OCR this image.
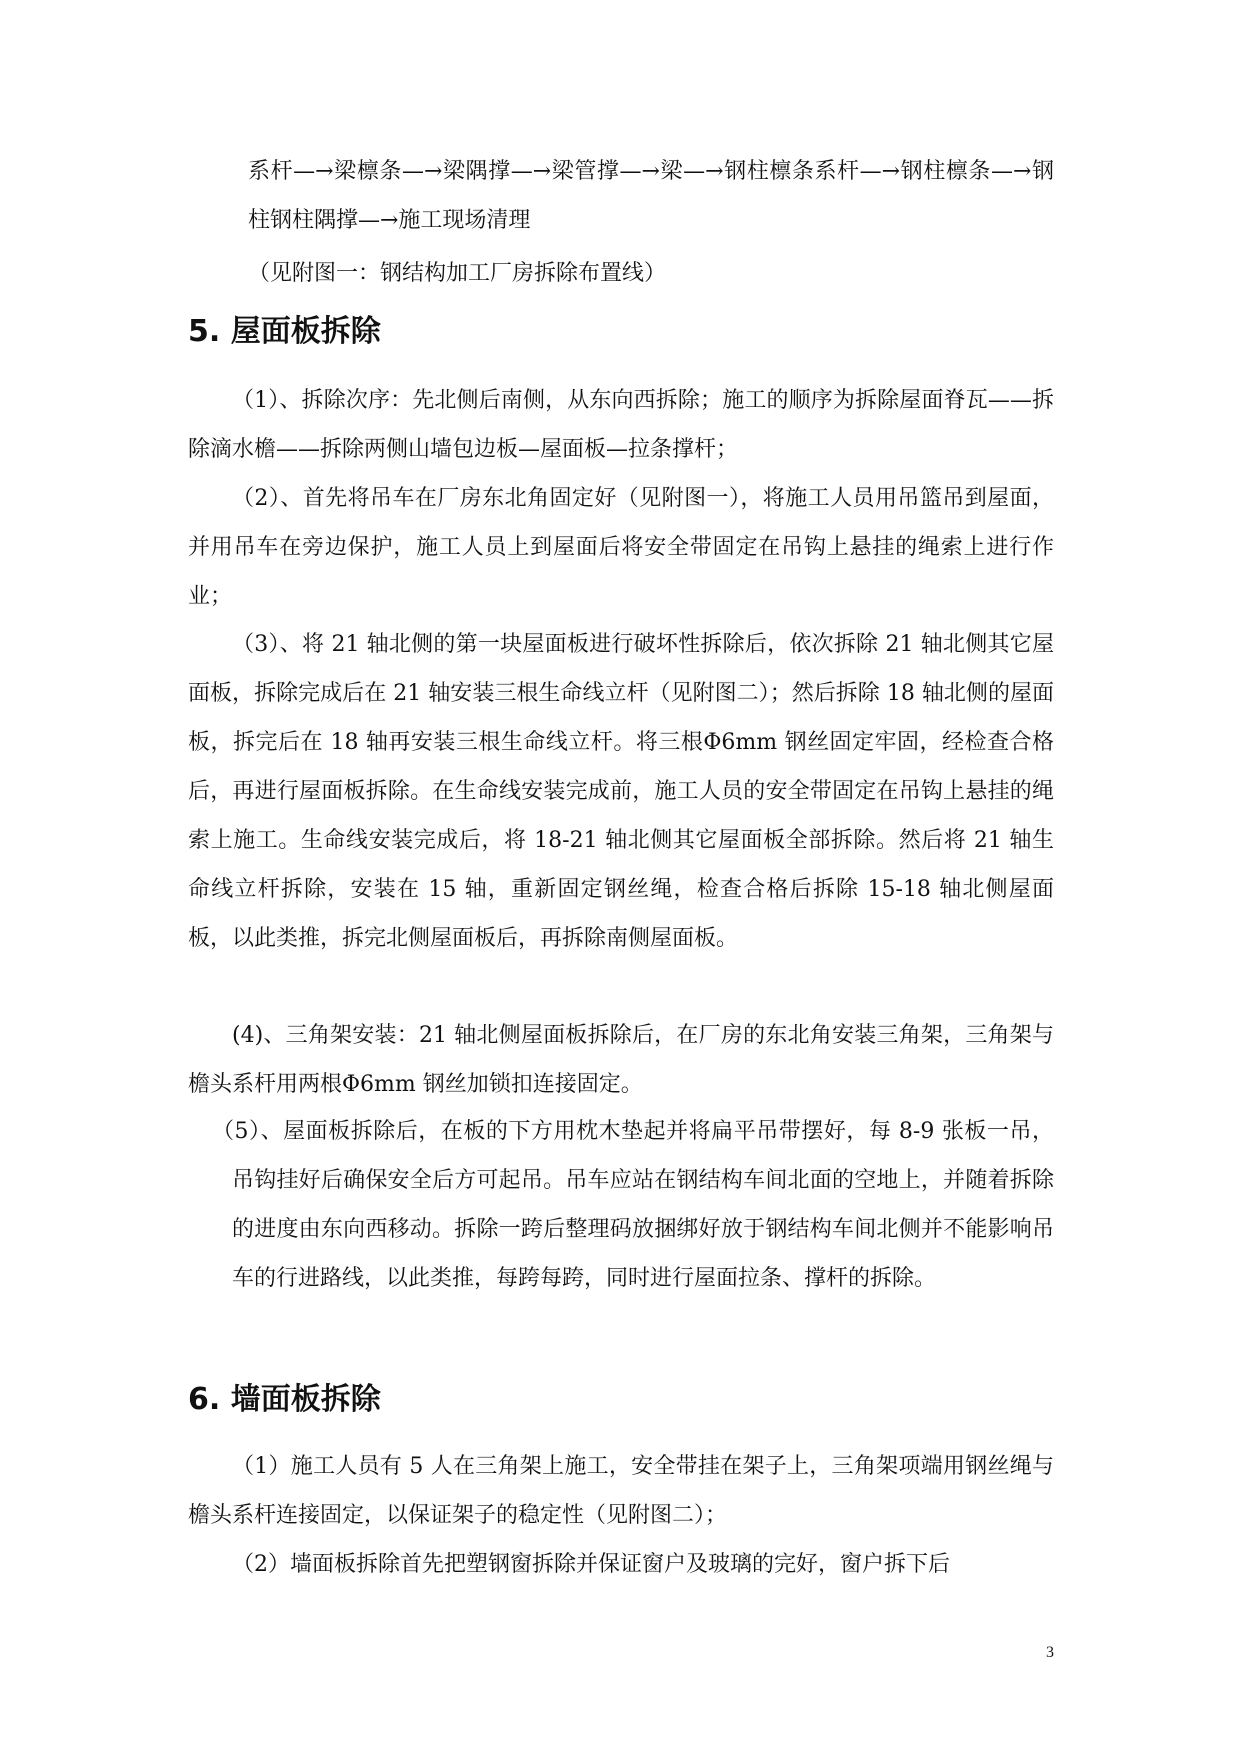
系杆—→梁檩条—→梁隅撑—→梁管撑—→梁—→钢柱檩条系杆—→钢柱檩条—→钢柱钢柱隅撑—→施工现场清理
（见附图一：钢结构加工厂房拆除布置线）
5. 屋面板拆除
（1）、拆除次序：先北侧后南侧，从东向西拆除；施工的顺序为拆除屋面脊瓦——拆除滴水檐——拆除两侧山墙包边板—屋面板—拉条撑杆；
（2）、首先将吊车在厂房东北角固定好（见附图一），将施工人员用吊篮吊到屋面，并用吊车在旁边保护，施工人员上到屋面后将安全带固定在吊钩上悬挂的绳索上进行作业；
（3）、将 21 轴北侧的第一块屋面板进行破坏性拆除后，依次拆除 21 轴北侧其它屋面板，拆除完成后在 21 轴安装三根生命线立杆（见附图二）；然后拆除 18 轴北侧的屋面板，拆完后在 18 轴再安装三根生命线立杆。将三根Φ6mm 钢丝固定牢固，经检查合格后，再进行屋面板拆除。在生命线安装完成前，施工人员的安全带固定在吊钩上悬挂的绳索上施工。生命线安装完成后，将 18-21 轴北侧其它屋面板全部拆除。然后将 21 轴生命线立杆拆除，安装在 15 轴，重新固定钢丝绳，检查合格后拆除 15-18 轴北侧屋面板，以此类推，拆完北侧屋面板后，再拆除南侧屋面板。
(4)、三角架安装：21 轴北侧屋面板拆除后，在厂房的东北角安装三角架，三角架与檐头系杆用两根Φ6mm 钢丝加锁扣连接固定。
（5）、屋面板拆除后，在板的下方用枕木垫起并将扁平吊带摆好，每 8-9 张板一吊，吊钩挂好后确保安全后方可起吊。吊车应站在钢结构车间北面的空地上，并随着拆除的进度由东向西移动。拆除一跨后整理码放捆绑好放于钢结构车间北侧并不能影响吊车的行进路线，以此类推，每跨每跨，同时进行屋面拉条、撑杆的拆除。
6. 墙面板拆除
（1）施工人员有 5 人在三角架上施工，安全带挂在架子上，三角架项端用钢丝绳与檐头系杆连接固定，以保证架子的稳定性（见附图二）；
（2）墙面板拆除首先把塑钢窗拆除并保证窗户及玻璃的完好，窗户拆下后
3
